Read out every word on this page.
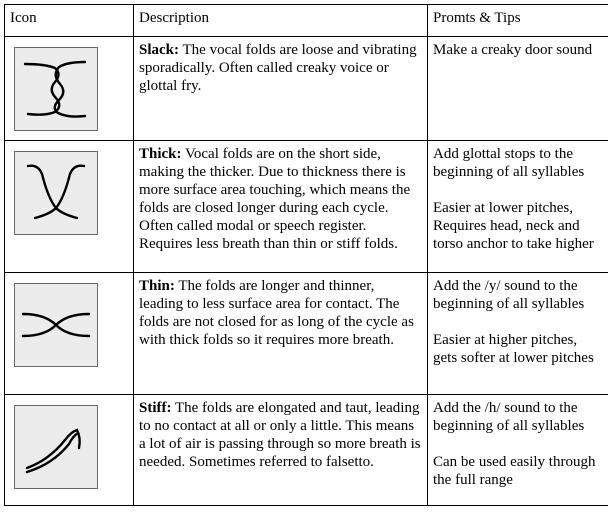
Icon	Description	Promts & Tips

	Slack: The vocal folds are loose and vibrating sporadically. Often called creaky voice or glottal fry.	Make a creaky door sound

	Thick: Vocal folds are on the short side, making the thicker. Due to thickness there is more surface area touching, which means the folds are closed longer during each cycle. Often called modal or speech register. Requires less breath than thin or stiff folds.	Add glottal stops to the beginning of all syllables
Easier at lower pitches, Requires head, neck and torso anchor to take higher

	Thin: The folds are longer and thinner, leading to less surface area for contact. The folds are not closed for as long of the cycle as with thick folds so it requires more breath.	Add the /y/ sound to the beginning of all syllables
Easier at higher pitches, gets softer at lower pitches

	Stiff: The folds are elongated and taut, leading to no contact at all or only a little. This means a lot of air is passing through so more breath is needed. Sometimes referred to falsetto.	Add the /h/ sound to the beginning of all syllables
Can be used easily through the full range
